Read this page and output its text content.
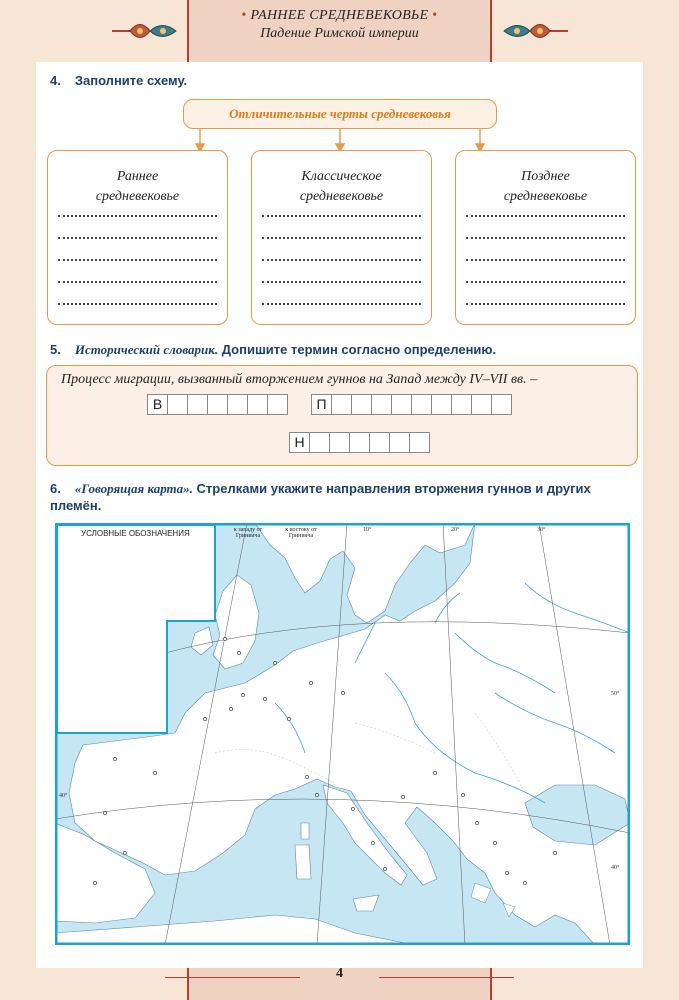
• РАННЕЕ СРЕДНЕВЕКОВЬЕ •
Падение Римской империи
4. Заполните схему.
Отличительные черты средневековья
Раннее
средневековье
Классическое
средневековье
Позднее
средневековье
5. Исторический словарик. Допишите термин согласно определению.
Процесс миграции, вызванный вторжением гуннов на Запад между IV–VII вв. –
В	П
Н
6. «Говорящая карта». Стрелками укажите направления вторжения гуннов и других племён.
УСЛОВНЫЕ ОБОЗНАЧЕНИЯ	к западу от Гринвича
к востоку от Гринвича
10°	20°	30°
50°
40°
40°
4
